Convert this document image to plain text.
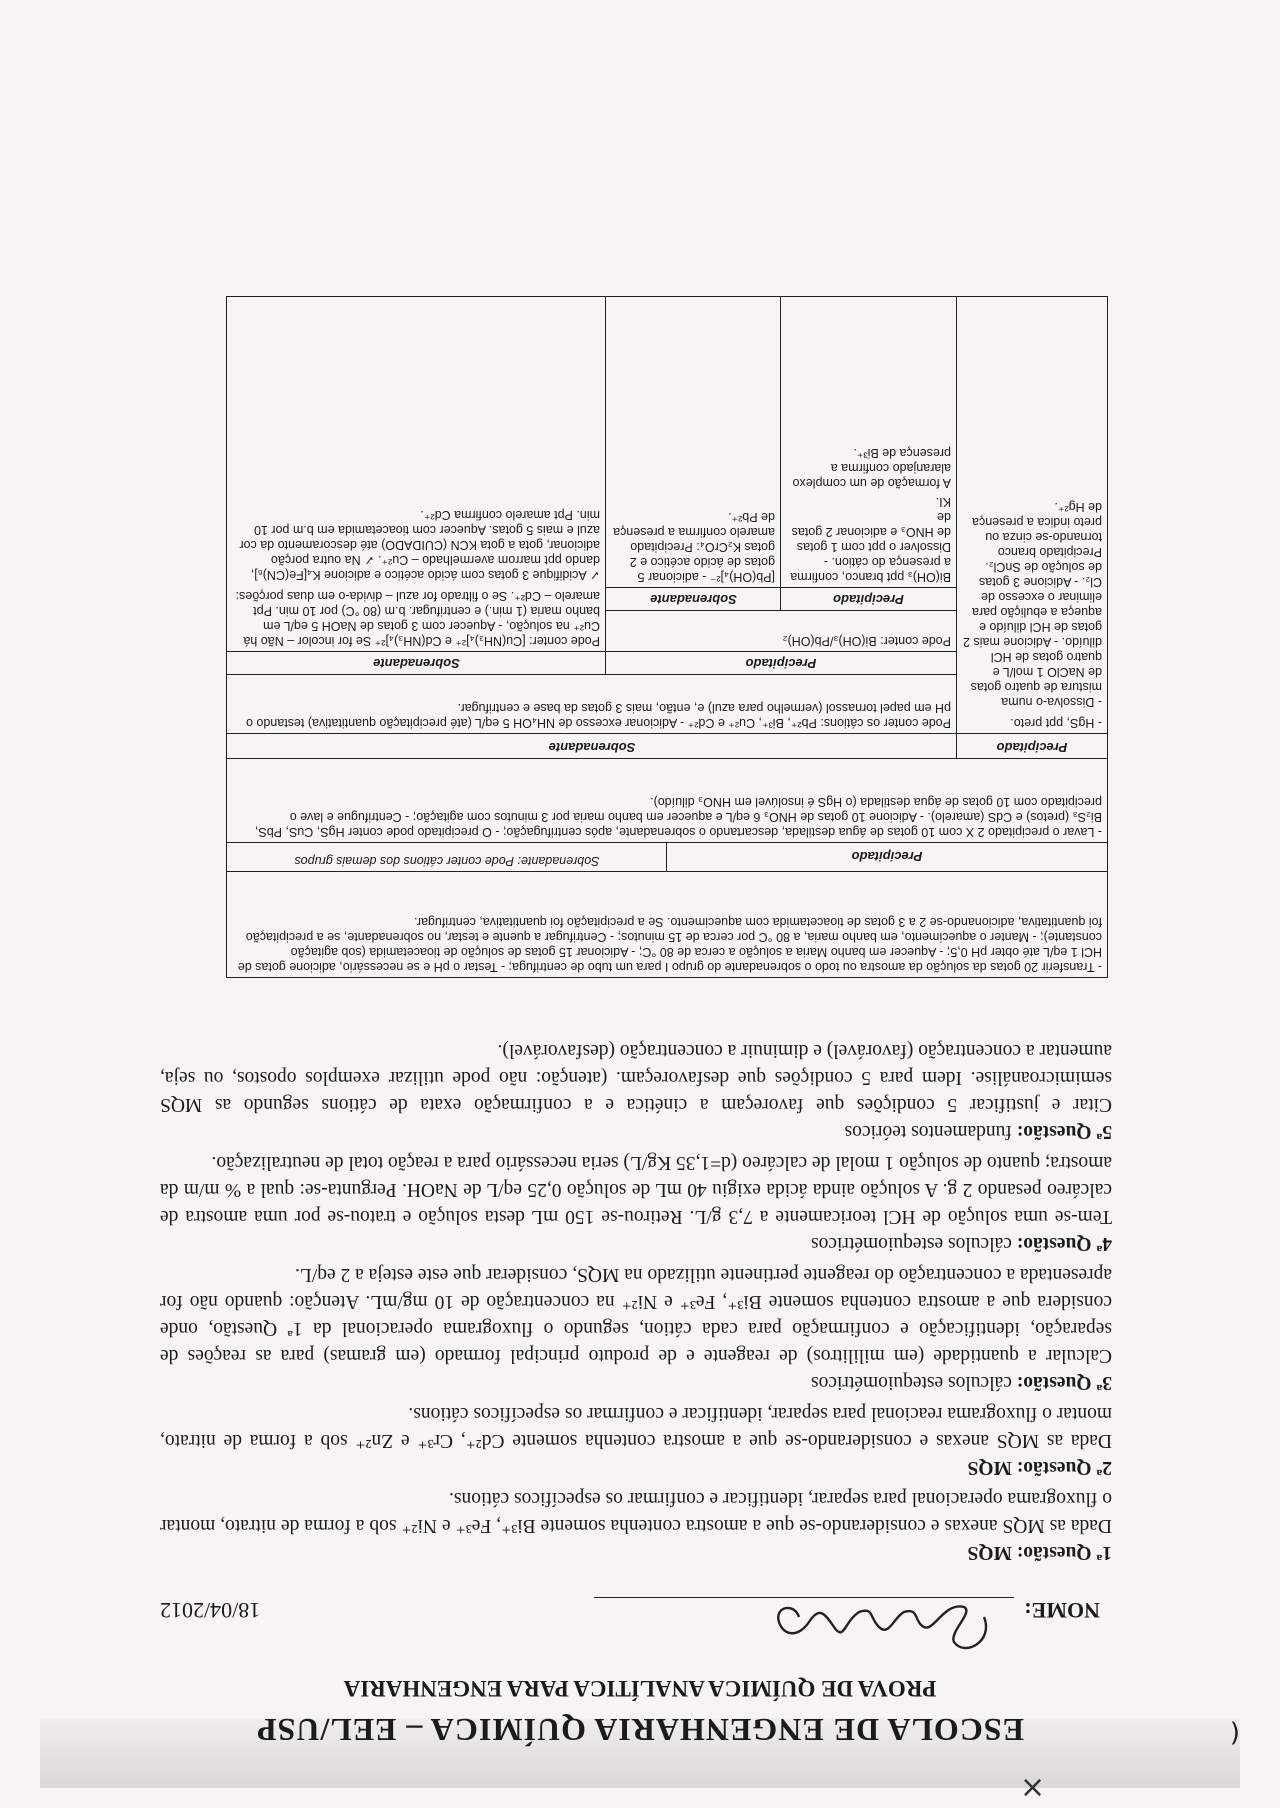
ESCOLA DE ENGENHARIA QUÍMICA – EEL/USP

PROVA DE QUÍMICA ANALÍTICA PARA ENGENHARIA

NOME:
18/04/2012

1ª Questão: MQS

Dada as MQS anexas e considerando-se que a amostra contenha somente Bi³⁺, Fe³⁺ e Ni²⁺ sob a forma de nitrato, montar o fluxograma operacional para separar, identificar e confirmar os específicos cátions.

2ª Questão: MQS

Dada as MQS anexas e considerando-se que a amostra contenha somente Cd²⁺, Cr³⁺ e Zn²⁺ sob a forma de nitrato, montar o fluxograma reacional para separar, identificar e confirmar os específicos cátions.

3ª Questão: cálculos estequiométricos

Calcular a quantidade (em mililitros) de reagente e de produto principal formado (em gramas) para as reações de separação, identificação e confirmação para cada cátion, segundo o fluxograma operacional da 1ª Questão, onde considera que a amostra contenha somente Bi³⁺, Fe³⁺ e Ni²⁺ na concentração de 10 mg/mL. Atenção: quando não for apresentada a concentração do reagente pertinente utilizado na MQS, considerar que este esteja a 2 eq/L.

4ª Questão: cálculos estequiométricos

Tem-se uma solução de HCl teoricamente a 7,3 g/L. Retirou-se 150 mL desta solução e tratou-se por uma amostra de calcáreo pesando 2 g. A solução ainda ácida exigiu 40 mL de solução 0,25 eq/L de NaOH. Pergunta-se: qual a % m/m da amostra; quanto de solução 1 molal de calcáreo (d=1,35 Kg/L) seria necessário para a reação total de neutralização.

5ª Questão: fundamentos teóricos

Citar e justificar 5 condições que favoreçam a cinética e a confirmação exata de cátions segundo as MQS semimicroanálise. Idem para 5 condições que desfavoreçam. (atenção: não pode utilizar exemplos opostos, ou seja, aumentar a concentração (favorável) e diminuir a concentração (desfavorável).

- Transferir 20 gotas da solução da amostra ou todo o sobrenadante do grupo I para um tubo de centrifuga; - Testar o pH e se necessário, adicione gotas de HCl 1 eq/L até obter pH 0,5; - Aquecer em banho Maria a solução a cerca de 80 °C; - Adicionar 15 gotas de solução de tioacetamida (sob agitação constante); - Manter o aquecimento, em banho maria, a 80 °C por cerca de 15 minutos; - Centrifugar a quente e testar, no sobrenadante, se a precipitação foi quantitativa, adicionando-se 2 a 3 gotas de tioacetamida com aquecimento. Se a precipitação foi quantitativa, centrifugar.
Precipitado
Sobrenadante: Pode conter cátions dos demais grupos
- Lavar o precipitado 2 X com 10 gotas de água destilada, descartando o sobrenadante, após centrifugação; - O precipitado pode conter HgS, CuS, PbS, Bi₂S₃ (pretos) e CdS (amarelo). - Adicione 10 gotas de HNO₃ 6 eq/L e aquecer em banho maria por 3 minutos com agitação; - Centrifugue e lave o precipitado com 10 gotas de água destilada (o HgS é insolúvel em HNO₃ diluído).
Precipitado
Sobrenadante
- HgS, ppt preto.
- Dissolva-o numa mistura de quatro gotas de NaClO 1 mol/L e quatro gotas de HCl diluído. - Adicione mais 2 gotas de HCl diluído e aqueça a ebulição para eliminar o excesso de Cl₂. - Adicione 3 gotas de solução de SnCl₂. Precipitado branco tornando-se cinza ou preto indica a presença de Hg²⁺.
Pode conter os cátions: Pb²⁺, Bi³⁺, Cu²⁺ e Cd²⁺ - Adicionar excesso de NH₄OH 5 eq/L (até precipitação quantitativa) testando o pH em papel tornassol (vermelho para azul) e, então, mais 3 gotas da base e centrifugar.
Precipitado
Sobrenadante
Pode conter: Bi(OH)₃/Pb(OH)₂
Pode conter: [Cu(NH₃)₄]²⁺ e Cd(NH₃)₄]²⁺ Se for incolor – Não há Cu²⁺ na solução, - Aquecer com 3 gotas de NaOH 5 eq/L em banho maria (1 min.) e centrifugar. b.m (80 °C) por 10 min. Ppt amarelo – Cd²⁺. Se o filtrado for azul – divida-o em duas porções:
✓ Acidifique 3 gotas com ácido acético e adicione K₄[Fe(CN)₆], dando ppt marrom avermelhado – Cu²⁺. ✓ Na outra porção adicionar, gota a gota KCN (CUIDADO) até descoramento da cor azul e mais 5 gotas. Aquecer com tioacetamida em b.m por 10 min. Ppt amarelo confirma Cd²⁺.
Precipitado
Sobrenadante
Bi(OH)₃ ppt branco, confirma a presença do cátion. - Dissolver o ppt com 1 gotas de HNO₃ e adicionar 2 gotas de
KI.
A formação de um complexo alaranjado confirma a presença de Bi³⁺.
[Pb(OH)₄]²⁻ - adicionar 5 gotas de ácido acético e 2 gotas K₂CrO₄: Precipitado amarelo confirma a presença de Pb²⁺.
(
×
